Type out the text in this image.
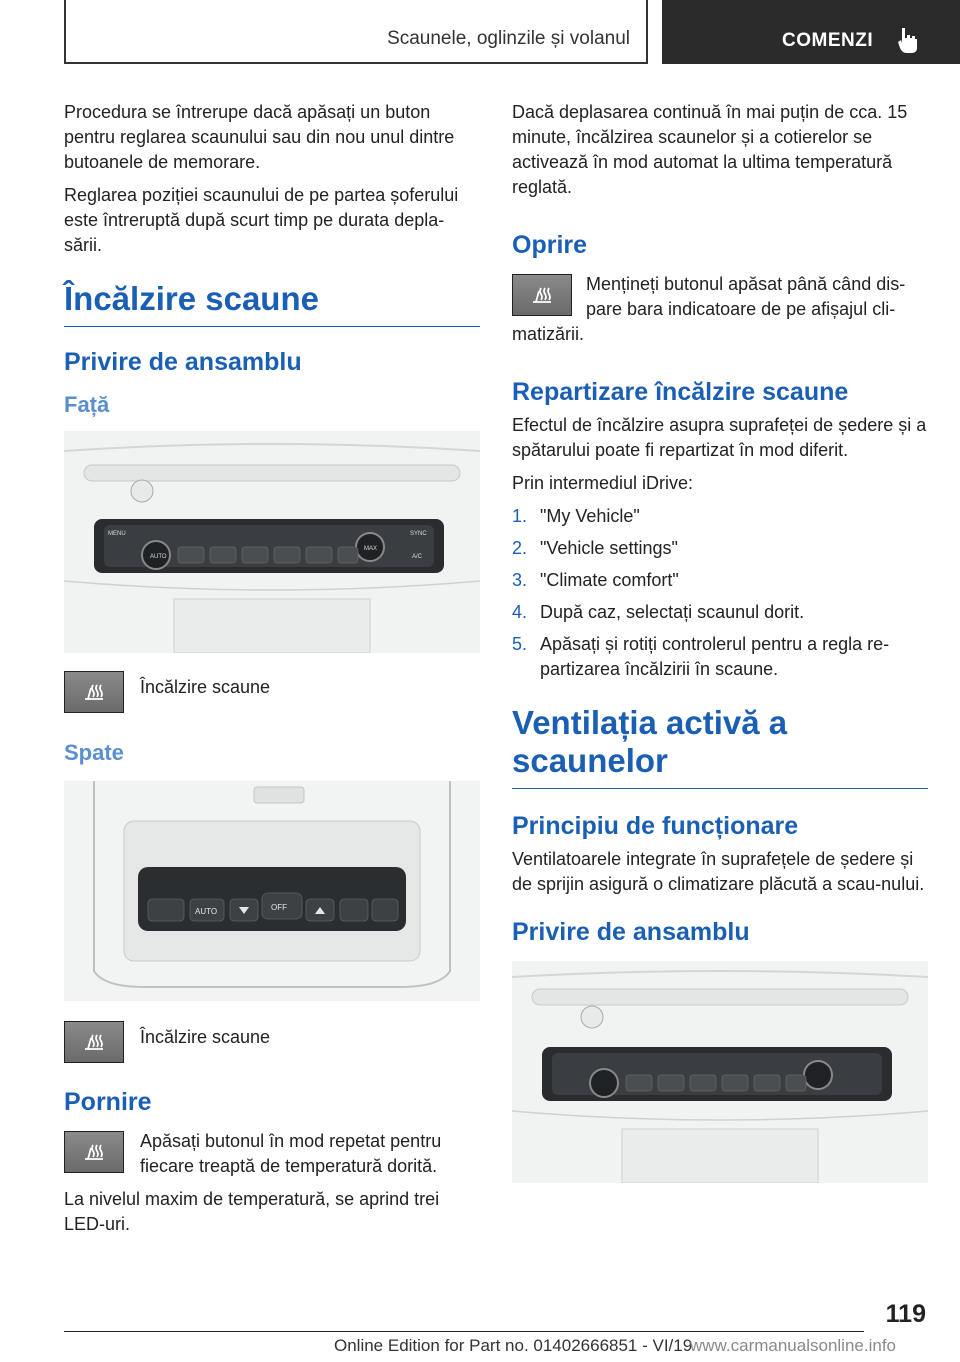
Scaunele, oglinzile și volanul	COMENZI

Procedura se întrerupe dacă apăsați un buton pentru reglarea scaunului sau din nou unul dintre butoanele de memorare.

Reglarea poziției scaunului de pe partea șoferului este întreruptă după scurt timp pe durata depla-sării.

Încălzire scaune
Privire de ansamblu
Față
MENU
AUTO
MAX
SYNC
A/C

Încălzire scaune

Spate
AUTO	OFF

Încălzire scaune

Pornire

Apăsați butonul în mod repetat pentru fiecare treaptă de temperatură dorită.

La nivelul maxim de temperatură, se aprind trei LED-uri.

Dacă deplasarea continuă în mai puțin de cca. 15 minute, încălzirea scaunelor și a cotierelor se activează în mod automat la ultima temperatură reglată.

Oprire

Mențineți butonul apăsat până când dis-pare bara indicatoare de pe afișajul cli-matizării.

Repartizare încălzire scaune

Efectul de încălzire asupra suprafeței de ședere și a spătarului poate fi repartizat în mod diferit.

Prin intermediul iDrive:

1. "My Vehicle"
2. "Vehicle settings"
3. "Climate comfort"
4. După caz, selectați scaunul dorit.
5. Apăsați și rotiți controlerul pentru a regla re-partizarea încălzirii în scaune.
Ventilația activă a scaunelor
Principiu de funcționare

Ventilatoarele integrate în suprafețele de ședere și de sprijin asigură o climatizare plăcută a scau-nului.

Privire de ansamblu
119
Online Edition for Part no. 01402666851 - VI/19
www.carmanualsonline.info
